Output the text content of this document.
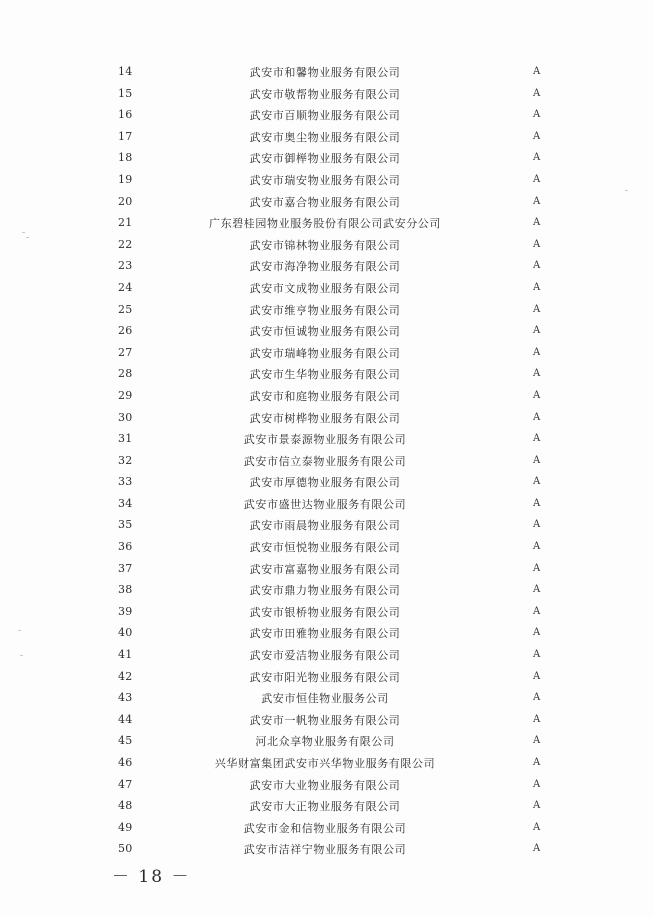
14	武安市和馨物业服务有限公司	A
15	武安市敬帮物业服务有限公司	A
16	武安市百顺物业服务有限公司	A
17	武安市奥尘物业服务有限公司	A
18	武安市御榉物业服务有限公司	A
19	武安市瑞安物业服务有限公司	A
20	武安市嘉合物业服务有限公司	A
21	广东碧桂园物业服务股份有限公司武安分公司	A
22	武安市锦林物业服务有限公司	A
23	武安市海净物业服务有限公司	A
24	武安市文成物业服务有限公司	A
25	武安市维亨物业服务有限公司	A
26	武安市恒诚物业服务有限公司	A
27	武安市瑞峰物业服务有限公司	A
28	武安市生华物业服务有限公司	A
29	武安市和庭物业服务有限公司	A
30	武安市树桦物业服务有限公司	A
31	武安市景泰源物业服务有限公司	A
32	武安市信立泰物业服务有限公司	A
33	武安市厚德物业服务有限公司	A
34	武安市盛世达物业服务有限公司	A
35	武安市雨晨物业服务有限公司	A
36	武安市恒悦物业服务有限公司	A
37	武安市富嘉物业服务有限公司	A
38	武安市鼎力物业服务有限公司	A
39	武安市银桥物业服务有限公司	A
40	武安市田雅物业服务有限公司	A
41	武安市爱洁物业服务有限公司	A
42	武安市阳光物业服务有限公司	A
43	武安市恒佳物业服务公司	A
44	武安市一帆物业服务有限公司	A
45	河北众享物业服务有限公司	A
46	兴华财富集团武安市兴华物业服务有限公司	A
47	武安市大业物业服务有限公司	A
48	武安市大正物业服务有限公司	A
49	武安市金和信物业服务有限公司	A
50	武安市洁祥宁物业服务有限公司	A
－ 18 －
